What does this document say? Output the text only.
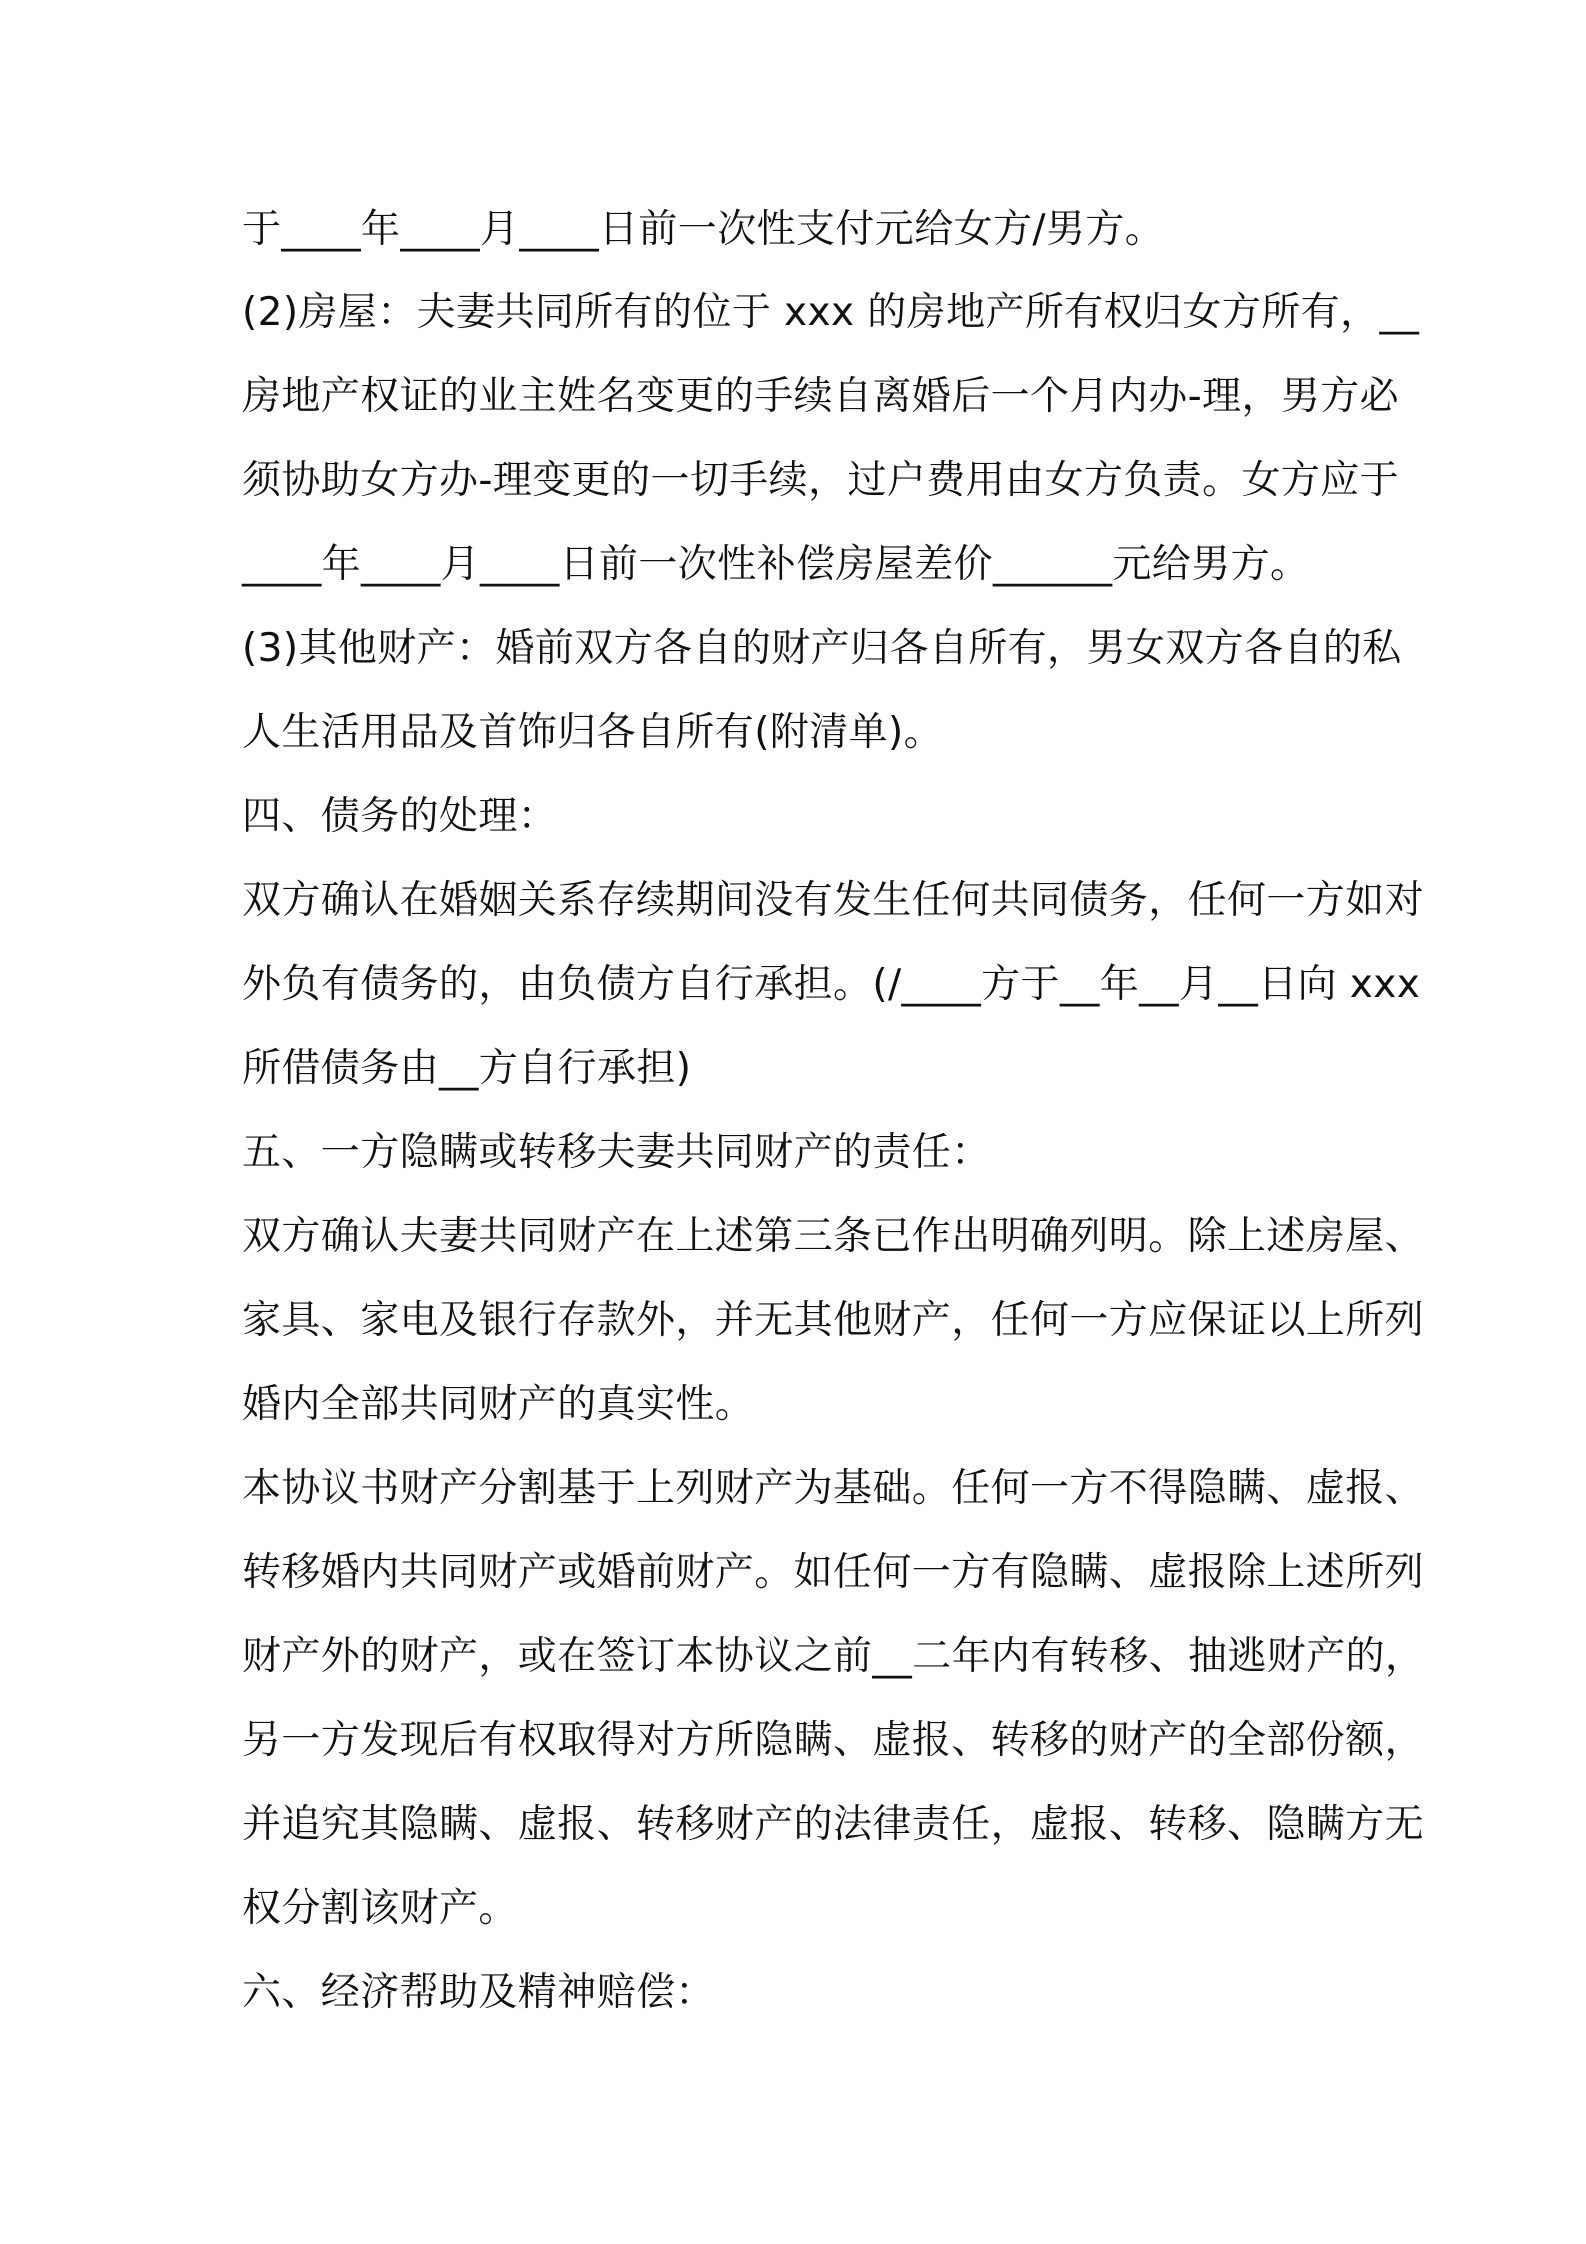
于____年____月____日前一次性支付元给女方/男方。
(2)房屋：夫妻共同所有的位于 xxx 的房地产所有权归女方所有，__
房地产权证的业主姓名变更的手续自离婚后一个月内办-理，男方必
须协助女方办-理变更的一切手续，过户费用由女方负责。女方应于
____年____月____日前一次性补偿房屋差价______元给男方。
(3)其他财产：婚前双方各自的财产归各自所有，男女双方各自的私
人生活用品及首饰归各自所有(附清单)。
四、债务的处理：
双方确认在婚姻关系存续期间没有发生任何共同债务，任何一方如对
外负有债务的，由负债方自行承担。(/____方于__年__月__日向 xxx
所借债务由__方自行承担)
五、一方隐瞒或转移夫妻共同财产的责任：
双方确认夫妻共同财产在上述第三条已作出明确列明。除上述房屋、
家具、家电及银行存款外，并无其他财产，任何一方应保证以上所列
婚内全部共同财产的真实性。
本协议书财产分割基于上列财产为基础。任何一方不得隐瞒、虚报、
转移婚内共同财产或婚前财产。如任何一方有隐瞒、虚报除上述所列
财产外的财产，或在签订本协议之前__二年内有转移、抽逃财产的，
另一方发现后有权取得对方所隐瞒、虚报、转移的财产的全部份额，
并追究其隐瞒、虚报、转移财产的法律责任，虚报、转移、隐瞒方无
权分割该财产。
六、经济帮助及精神赔偿：
